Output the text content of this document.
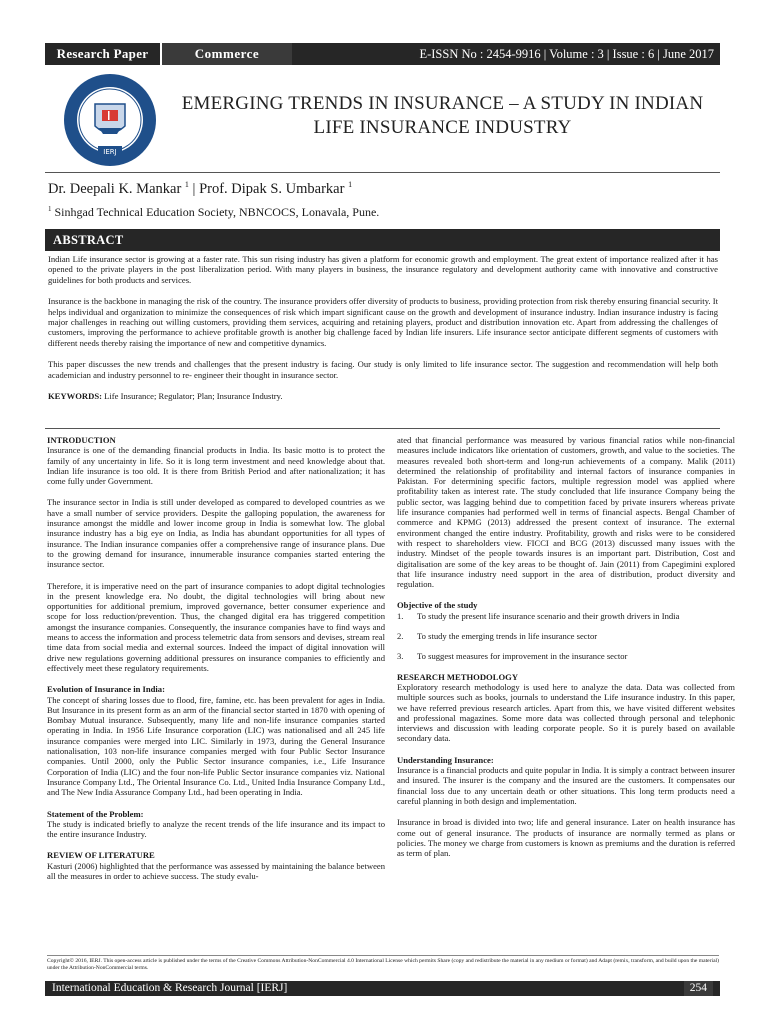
Research Paper	Commerce	E-ISSN No : 2454-9916 | Volume : 3 | Issue : 6 | June 2017
IERJ
EMERGING TRENDS IN INSURANCE – A STUDY IN INDIAN
LIFE INSURANCE INDUSTRY
Dr. Deepali K. Mankar $^1$ | Prof. Dipak S. Umbarkar $^1$
$^1$ Sinhgad Technical Education Society, NBNCOCS, Lonavala, Pune.
ABSTRACT

Indian Life insurance sector is growing at a faster rate. This sun rising industry has given a platform for economic growth and employment. The great extent of importance realized after it has opened to the private players in the post liberalization period. With many players in business, the insurance regulatory and development authority came with innovative and constructive guidelines for both products and services.

Insurance is the backbone in managing the risk of the country. The insurance providers offer diversity of products to business, providing protection from risk thereby ensuring financial security. It helps individual and organization to minimize the consequences of risk which impart significant cause on the growth and development of insurance industry. Indian insurance industry is facing major challenges in reaching out willing customers, providing them services, acquiring and retaining players, product and distribution innovation etc. Apart from addressing the challenges of customers, improving the performance to achieve profitable growth is another big challenge faced by Indian life insurers. Life insurance sector anticipate different segments of customers with different needs thereby raising the importance of new and competitive dynamics.

This paper discusses the new trends and challenges that the present industry is facing. Our study is only limited to life insurance sector. The suggestion and recommendation will help both academician and industry personnel to re- engineer their thought in insurance sector.

KEYWORDS: Life Insurance; Regulator; Plan; Insurance Industry.

INTRODUCTION

Insurance is one of the demanding financial products in India. Its basic motto is to protect the family of any uncertainty in life. So it is long term investment and need knowledge about that. Indian life insurance is too old. It is there from British Period and after nationalization; it has come fully under Government.

The insurance sector in India is still under developed as compared to developed countries as we have a small number of service providers. Despite the galloping population, the awareness for insurance amongst the middle and lower income group in India is somewhat low. The global insurance industry has a big eye on India, as India has abundant opportunities for all types of insurance. The Indian insurance companies offer a comprehensive range of insurance plans. Due to the growing demand for insurance, innumerable insurance companies started entering the insurance sector.

Therefore, it is imperative need on the part of insurance companies to adopt digital technologies in the present knowledge era. No doubt, the digital technologies will bring about new opportunities for additional premium, improved governance, better consumer experience and scope for loss reduction/prevention. Thus, the changed digital era has triggered competition amongst the insurance companies. Consequently, the insurance companies have to find ways and means to access the information and process telemetric data from sensors and devises, stream real time data from social media and external sources. Indeed the impact of digital innovation will drive new regulations governing additional pressures on insurance companies to efficiently and effectively meet these regulatory requirements.

Evolution of Insurance in India:

The concept of sharing losses due to flood, fire, famine, etc. has been prevalent for ages in India. But Insurance in its present form as an arm of the financial sector started in 1870 with opening of Bombay Mutual insurance. Subsequently, many life and non-life insurance companies started operating in India. In 1956 Life Insurance corporation (LIC) was nationalised and all 245 life insurance companies were merged into LIC. Similarly in 1973, during the General Insurance nationalisation, 103 non-life insurance companies merged with four Public Sector Insurance companies. Until 2000, only the Public Sector insurance companies, i.e., Life Insurance Corporation of India (LIC) and the four non-life Public Sector insurance companies viz. National Insurance Company Ltd., The Oriental Insurance Co. Ltd., United India Insurance Company Ltd., and The New India Assurance Company Ltd., had been operating in India.

Statement of the Problem:

The study is indicated briefly to analyze the recent trends of the life insurance and its impact to the entire insurance Industry.

REVIEW OF LITERATURE

Kasturi (2006) highlighted that the performance was assessed by maintaining the balance between all the measures in order to achieve success. The study evalu-

ated that financial performance was measured by various financial ratios while non-financial measures include indicators like orientation of customers, growth, and value to the societies. The measures revealed both short-term and long-run achievements of a company. Malik (2011) determined the relationship of profitability and internal factors of insurance companies in Pakistan. For determining specific factors, multiple regression model was applied where profitability taken as interest rate. The study concluded that life insurance Company being the public sector, was lagging behind due to competition faced by private insurers whereas private life insurance companies had performed well in terms of financial aspects. Bengal Chamber of commerce and KPMG (2013) addressed the present context of insurance. The external environment changed the entire industry. Profitability, growth and risks were to be considered with respect to shareholders view. FICCI and BCG (2013) discussed many issues with the industry. Mindset of the people towards insures is an important part. Distribution, Cost and digitalisation are some of the key areas to be thought of. Jain (2011) from Capegimini explored that life insurance industry need support in the area of distribution, product diversity and regulation.

Objective of the study
1.	To study the present life insurance scenario and their growth drivers in India
2.	To study the emerging trends in life insurance sector
3.	To suggest measures for improvement in the insurance sector
RESEARCH METHODOLOGY

Exploratory research methodology is used here to analyze the data. Data was collected from multiple sources such as books, journals to understand the Life insurance industry. In this paper, we have referred previous research articles. Apart from this, we have visited different websites and professional magazines. Some more data was collected through personal and telephonic interviews and discussion with leading corporate people. So it is purely based on available secondary data.

Understanding Insurance:

Insurance is a financial products and quite popular in India. It is simply a contract between insurer and insured. The insurer is the company and the insured are the customers. It compensates our financial loss due to any uncertain death or other situations. This long term products need a careful planning in both design and implementation.

Insurance in broad is divided into two; life and general insurance. Later on health insurance has come out of general insurance. The products of insurance are normally termed as plans or policies. The money we charge from customers is known as premiums and the duration is referred as term of plan.

Copyright© 2016, IERJ. This open-access article is published under the terms of the Creative Commons Attribution-NonCommercial 4.0 International License which permits Share (copy and redistribute the material in any medium or format) and Adapt (remix, transform, and build upon the material) under the Attribution-NonCommercial terms.
International Education & Research Journal [IERJ]	254
